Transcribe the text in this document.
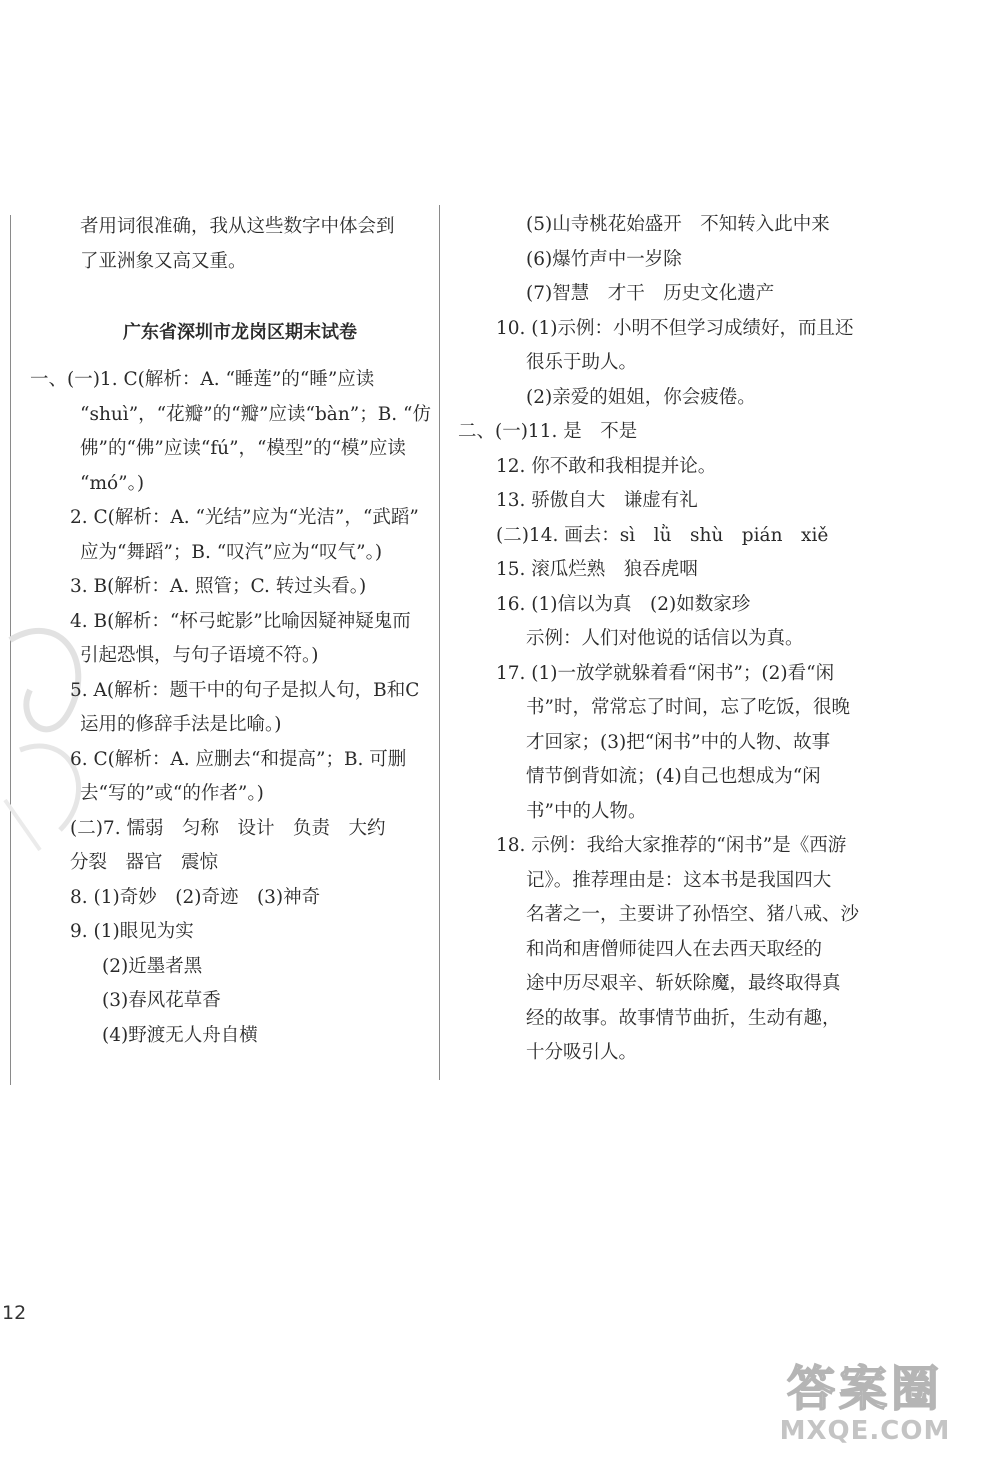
者用词很准确，我从这些数字中体会到
了亚洲象又高又重。
广东省深圳市龙岗区期末试卷
一、(一)1. C(解析：A. “睡莲”的“睡”应读
“shuì”，“花瓣”的“瓣”应读“bàn”；B. “仿
佛”的“佛”应读“fú”，“模型”的“模”应读
“mó”。)
2. C(解析：A. “光结”应为“光洁”，“武蹈”
应为“舞蹈”；B. “叹汽”应为“叹气”。)
3. B(解析：A. 照管；C. 转过头看。)
4. B(解析：“杯弓蛇影”比喻因疑神疑鬼而
引起恐惧，与句子语境不符。)
5. A(解析：题干中的句子是拟人句，B和C
运用的修辞手法是比喻。)
6. C(解析：A. 应删去“和提高”；B. 可删
去“写的”或“的作者”。)
(二)7. 懦弱　匀称　设计　负责　大约
分裂　器官　震惊
8. (1)奇妙　(2)奇迹　(3)神奇
9. (1)眼见为实
(2)近墨者黑
(3)春风花草香
(4)野渡无人舟自横
(5)山寺桃花始盛开　不知转入此中来
(6)爆竹声中一岁除
(7)智慧　才干　历史文化遗产
10. (1)示例：小明不但学习成绩好，而且还
很乐于助人。
(2)亲爱的姐姐，你会疲倦。
二、(一)11. 是　不是
12. 你不敢和我相提并论。
13. 骄傲自大　谦虚有礼
(二)14. 画去：sì　lǜ　shù　pián　xiě
15. 滚瓜烂熟　狼吞虎咽
16. (1)信以为真　(2)如数家珍
示例：人们对他说的话信以为真。
17. (1)一放学就躲着看“闲书”；(2)看“闲
书”时，常常忘了时间，忘了吃饭，很晚
才回家；(3)把“闲书”中的人物、故事
情节倒背如流；(4)自己也想成为“闲
书”中的人物。
18. 示例：我给大家推荐的“闲书”是《西游
记》。推荐理由是：这本书是我国四大
名著之一，主要讲了孙悟空、猪八戒、沙
和尚和唐僧师徒四人在去西天取经的
途中历尽艰辛、斩妖除魔，最终取得真
经的故事。故事情节曲折，生动有趣，
十分吸引人。
12
答案圈
MXQE.COM
